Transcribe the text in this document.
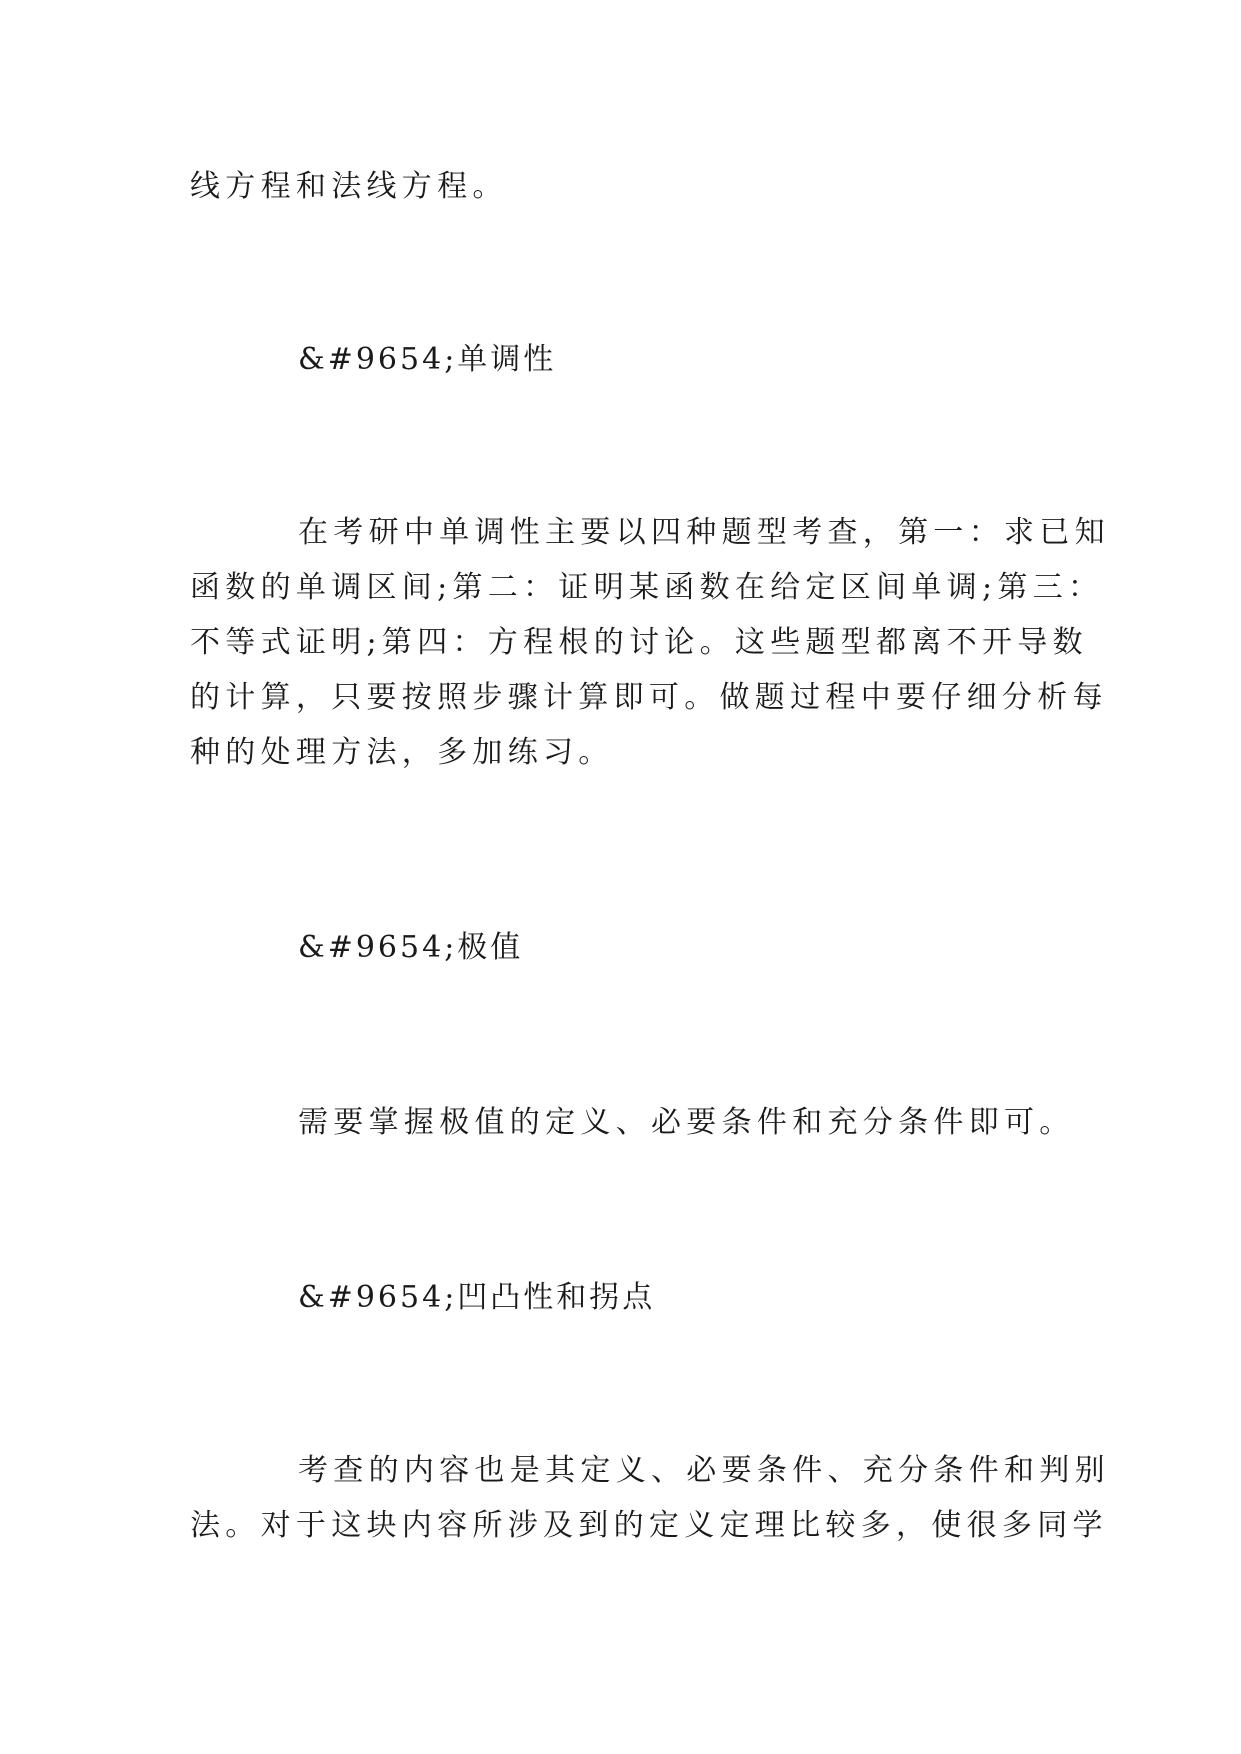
线方程和法线方程。

&#9654;单调性

在考研中单调性主要以四种题型考查，第一：求已知

函数的单调区间;第二：证明某函数在给定区间单调;第三：

不等式证明;第四：方程根的讨论。这些题型都离不开导数

的计算，只要按照步骤计算即可。做题过程中要仔细分析每

种的处理方法，多加练习。

&#9654;极值

需要掌握极值的定义、必要条件和充分条件即可。

&#9654;凹凸性和拐点

考查的内容也是其定义、必要条件、充分条件和判别

法。对于这块内容所涉及到的定义定理比较多，使很多同学
